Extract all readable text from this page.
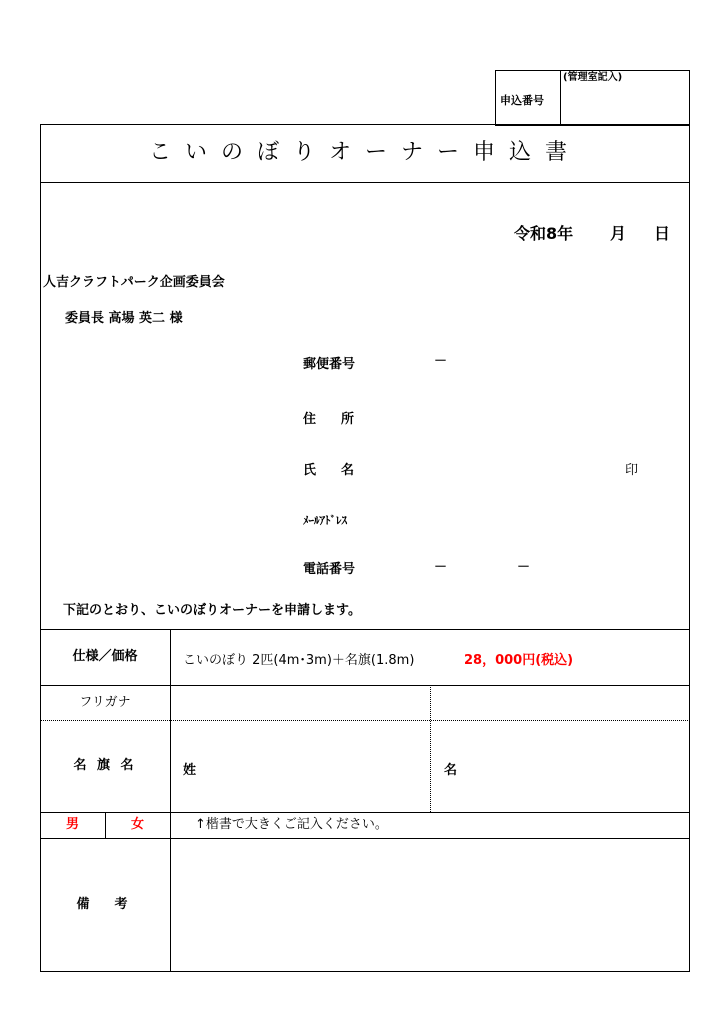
(管理室記入)
申込番号
こいのぼりオーナー申込書
令和8年 月 日
人吉クラフトパーク企画委員会
委員長 高場 英二 様
郵便番号	－
住　所
氏　名	印
ﾒｰﾙｱﾄﾞﾚｽ
電話番号	－	－
下記のとおり、こいのぼりオーナーを申請します。
仕様／価格	こいのぼり 2匹(4m･3m)＋名旗(1.8m)	28，000円(税込)
フリガナ
名 旗 名	姓	名
男	女	↑楷書で大きくご記入ください。
備　考
